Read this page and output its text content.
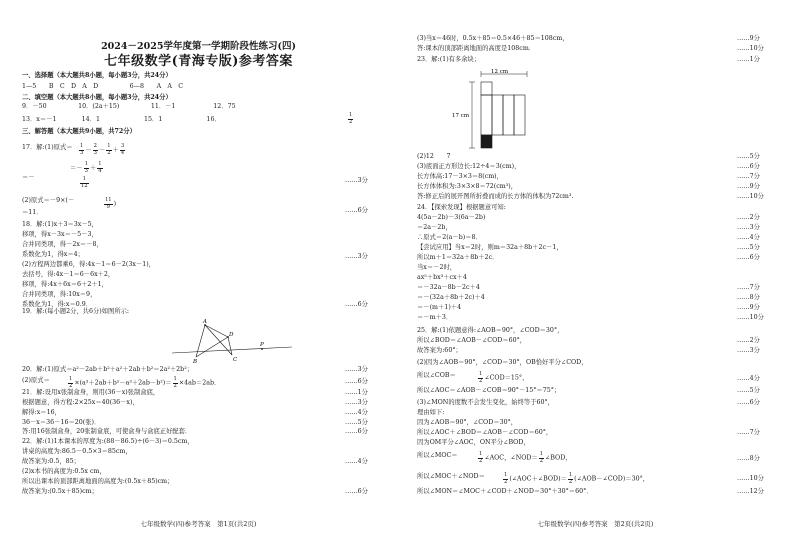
2024－2025学年度第一学期阶段性练习(四)
七年级数学(青海专版)参考答案
一、选择题（本大题共8小题，每小题3分，共24分）
1—5　　B　C　D　A　D　　　　　6—8　　A　A　C
二、填空题（本大题共8小题，每小题3分，共24分）
9．－50　　　　　10．(2a＋15)　　　　　11．－1　　　　　　12．75
13．x＝－1　　　　14．1　　　　　　　15．1　　　　　　　16．
三、解答题（本大题共9小题，共72分）
17．解:(1)原式＝
＝－
(2)原式＝－9×(－
＝11．
18．解:(1)x＋3＝3x－5，
移项，得x－3x＝－5－3，
合并同类项，得－2x＝－8，
系数化为1，得x＝4；
(2)方程两边都乘6，得:4x－1＝6－2(3x－1)，
去括号，得:4x－1＝6－6x＋2，
移项，得:4x＋6x＝6＋2＋1，
合并同类项，得:10x＝9，
系数化为1，得:x＝0.9．
19．解:(每小题2分，共6分)如图所示:
20．解:(1)原式＝a²－2ab＋b²＋a²＋2ab＋b²＝2a²＋2b²；
(2)原式＝
21．解:设用x张制盒身，则用(36－x)张制盒底，
根据题意，得方程:2×25x＝40(36－x)，
解得:x＝16，
36－x＝36－16＝20(张)．
答:用16张制盒身，20张制盒底，可使盒身与盒底正好配套．
22．解:(1)1本课本的厚度为:(88－86.5)÷(6－3)＝0.5cm，
讲桌的高度为:86.5－0.5×3＝85cm，
故答案为:0.5，85；
(2)x本书的高度为:0.5x cm，
所以出课本的顶部距离地面的高度为:(0.5x＋85)cm；
故答案为:(0.5x＋85)cm；
……3分
……6分
……3分
……6分
……3分
……6分
……1分
……3分
……4分
……5分
……6分
……4分
……6分
$\frac{1}{2}$
$\frac{1}{3} - \frac{2}{3} - \frac{1}{2} + \frac{3}{4}$
＝－ $\frac{1}{3} + \frac{1}{4}$
$\frac{1}{12}$
$\frac{11}{9}$ )
$\frac{1}{2} \times(a^3+2ab+b^2-a^3+2ab-b^2)= \frac{1}{2} \times 4ab=2ab$．
A
D
B	C
P
七年级数学(四)参考答案　第1页(共2页)
(3)当x＝46时，0.5x＋85＝0.5×46＋85＝108cm，
答:课本的顶部距离地面的高度是108cm．
23．解:(1)有多余块；
(2)12　　7
(3)底面正方形边长:12÷4＝3(cm)，
长方体高:17－3×3＝8(cm)，
长方体体积为:3×3×8＝72(cm³)，
答:修正后的展开图所折叠而成的长方体的体积为72cm³.
24．【探索发现】根据题意可知:
4(5a－2b)－3(6a－2b)
＝2a－2b，
∴原式＝2(a－b)＝8．
【尝试应用】当x＝2时，则m＝32a＋8b＋2c－1，
所以m＋1＝32a＋8b＋2c．
当x＝－2时，
ax⁵＋bx³＋cx＋4
＝－32a－8b－2c＋4
＝－(32a＋8b＋2c)＋4
＝－(m＋1)＋4
＝－m＋3．
25．解:(1)依题意得:∠AOB＝90°，∠COD＝30°，
所以∠BOD＝∠AOB－∠COD＝60°，
故答案为:60°；
(2)因为∠AOB＝90°，∠COD＝30°，OB恰好平分∠COD，
所以∠COB＝
所以∠AOC＝∠AOB－∠COB＝90°－15°＝75°；
(3)∠MON的度数不会发生变化，始终等于60°，
理由如下:
因为∠AOB＝90°，∠COD＝30°，
所以∠AOC＋∠BOD＝∠AOB－∠COD＝60°，
因为OM平分∠AOC，ON平分∠BOD，
所以∠MOC＝
所以∠MOC＋∠NOD＝
所以∠MON＝∠MOC＋∠COD＋∠NOD＝30°＋30°＝60°．
……9分
……10分
……1分
……5分
……6分
……7分
……9分
……10分
……2分
……3分
……4分
……5分
……6分
……7分
……8分
……9分
……10分
……2分
……3分
……4分
……5分
……6分
……7分
……8分
……10分
……12分
$\frac{1}{2}$ ∠COD＝15°，
$\frac{1}{2}$ ∠AOC，∠NOD＝ $\frac{1}{2}$ ∠BOD，
$\frac{1}{2}$ (∠AOC＋∠BOD)＝ $\frac{1}{2}$ (∠AOB－∠COD)＝30°，
12 cm
17 cm
七年级数学(四)参考答案　第2页(共2页)
